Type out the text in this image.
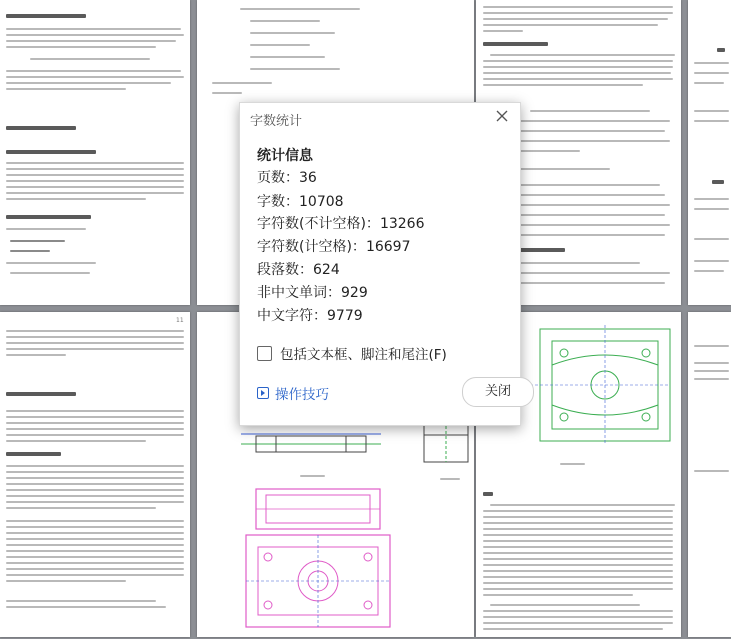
11
字数统计
统计信息
页数：36
字数：10708
字符数(不计空格)：13266
字符数(计空格)：16697
段落数：624
非中文单词：929
中文字符：9779
包括文本框、脚注和尾注(F)
操作技巧	关闭
